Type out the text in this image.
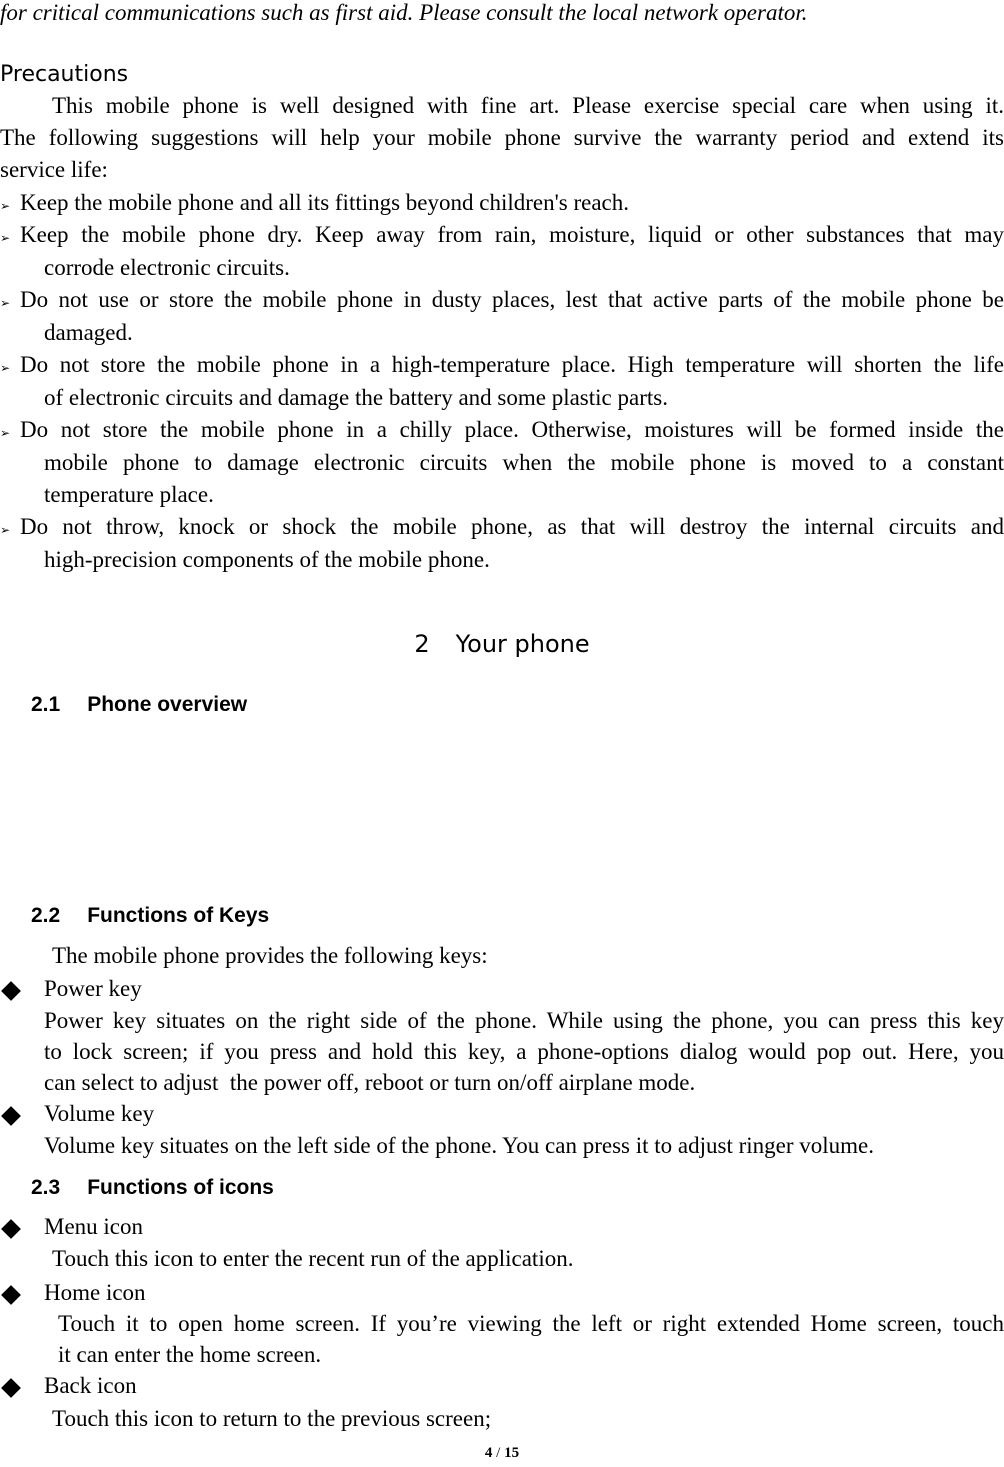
for critical communications such as first aid. Please consult the local network operator.
Precautions
This mobile phone is well designed with fine art. Please exercise special care when using it.
The following suggestions will help your mobile phone survive the warranty period and extend its
service life:
➢ Keep the mobile phone and all its fittings beyond children's reach.
➢ Keep the mobile phone dry. Keep away from rain, moisture, liquid or other substances that may
corrode electronic circuits.
➢ Do not use or store the mobile phone in dusty places, lest that active parts of the mobile phone be
damaged.
➢ Do not store the mobile phone in a high-temperature place. High temperature will shorten the life
of electronic circuits and damage the battery and some plastic parts.
➢ Do not store the mobile phone in a chilly place. Otherwise, moistures will be formed inside the
mobile phone to damage electronic circuits when the mobile phone is moved to a constant
temperature place.
➢ Do not throw, knock or shock the mobile phone, as that will destroy the internal circuits and
high-precision components of the mobile phone.
2 Your phone
2.1 Phone overview
2.2 Functions of Keys
The mobile phone provides the following keys:
Power key
Power key situates on the right side of the phone. While using the phone, you can press this key
to lock screen; if you press and hold this key, a phone-options dialog would pop out. Here, you
can select to adjust  the power off, reboot or turn on/off airplane mode.
Volume key
Volume key situates on the left side of the phone. You can press it to adjust ringer volume.
2.3 Functions of icons
Menu icon
Touch this icon to enter the recent run of the application.
Home icon
Touch it to open home screen. If you’re viewing the left or right extended Home screen, touch
it can enter the home screen.
Back icon
Touch this icon to return to the previous screen;
4 / 15
